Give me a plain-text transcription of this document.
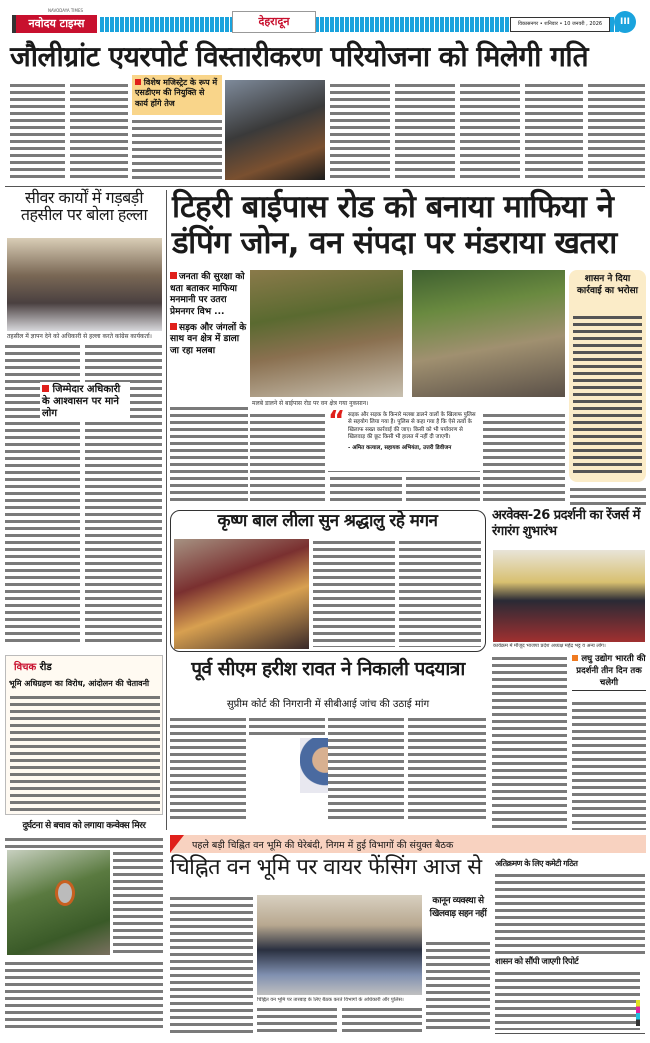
NAVODAYA TIMES
नवोदय टाइम्स	देहरादून	विकासनगर • शनिवार • 10 जनवरी , 2026	III
जौलीग्रांट एयरपोर्ट विस्तारीकरण परियोजना को मिलेगी गति
विशेष मजिस्ट्रेट के रूप में एसडीएम की नियुक्ति से कार्य होंगे तेज
सीवर कार्यों में गड़बड़ी तहसील पर बोला हल्ला
तहसील में ज्ञापन देने को अधिकारी से हल्ला करते कांग्रेस कार्यकर्ता।
जिम्मेदार अधिकारी के आश्वासन पर माने लोग
टिहरी बाईपास रोड को बनाया माफिया ने डंपिंग जोन, वन संपदा पर मंडराया खतरा
जनता की सुरक्षा को धता बताकर माफिया मनमानी पर उतरा प्रेमनगर विभ ...
सड़क और जंगलों के साथ वन क्षेत्र में डाला जा रहा मलबा
मलबे डालने से बाईपास रोड पर वन क्षेत्र गया नुकसान।
शासन ने दिया कार्रवाई का भरोसा
“ सड़क और सड़क के किनारे मलबा डालने वालों के खिलाफ पुलिस से सहयोग लिया गया है। पुलिस से कहा गया है कि ऐसे तत्वों के खिलाफ सख्त कार्रवाई की जाए। किसी को भी पर्यावरण से खिलवाड़ की छूट किसी भी हालत में नहीं दी जाएगी।
- अमित कत्याल, सहायक अभियंता, उत्तरी डिवीजन
कृष्ण बाल लीला सुन श्रद्धालु रहे मगन	अरवेक्स-26 प्रदर्शनी का रेंजर्स में रंगारंग शुभारंभ
कार्यक्रम में मौजूद भाजपा प्रदेश अध्यक्ष महेंद्र भट्ट व अन्य लोग।
लघु उद्योग भारती की प्रदर्शनी तीन दिन तक चलेगी
विचक रीड
भूमि अधिग्रहण का विरोध, आंदोलन की चेतावनी
दुर्घटना से बचाव को लगाया कन्वेक्स मिरर
पूर्व सीएम हरीश रावत ने निकाली पदयात्रा
सुप्रीम कोर्ट की निगरानी में सीबीआई जांच की उठाई मांग
पहले बड़ी चिह्नित वन भूमि की घेरेबंदी, निगम में हुई विभागों की संयुक्त बैठक
चिह्नित वन भूमि पर वायर फेंसिंग आज से
चिह्नित वन भूमि पर तारबाड़ के लिए बैठक करते विभागों के अधिकारी और पुलिस।
कानून व्यवस्था से खिलवाड़ सहन नहीं
अतिक्रमण के लिए कमेटी गठित
शासन को सौंपी जाएगी रिपोर्ट
